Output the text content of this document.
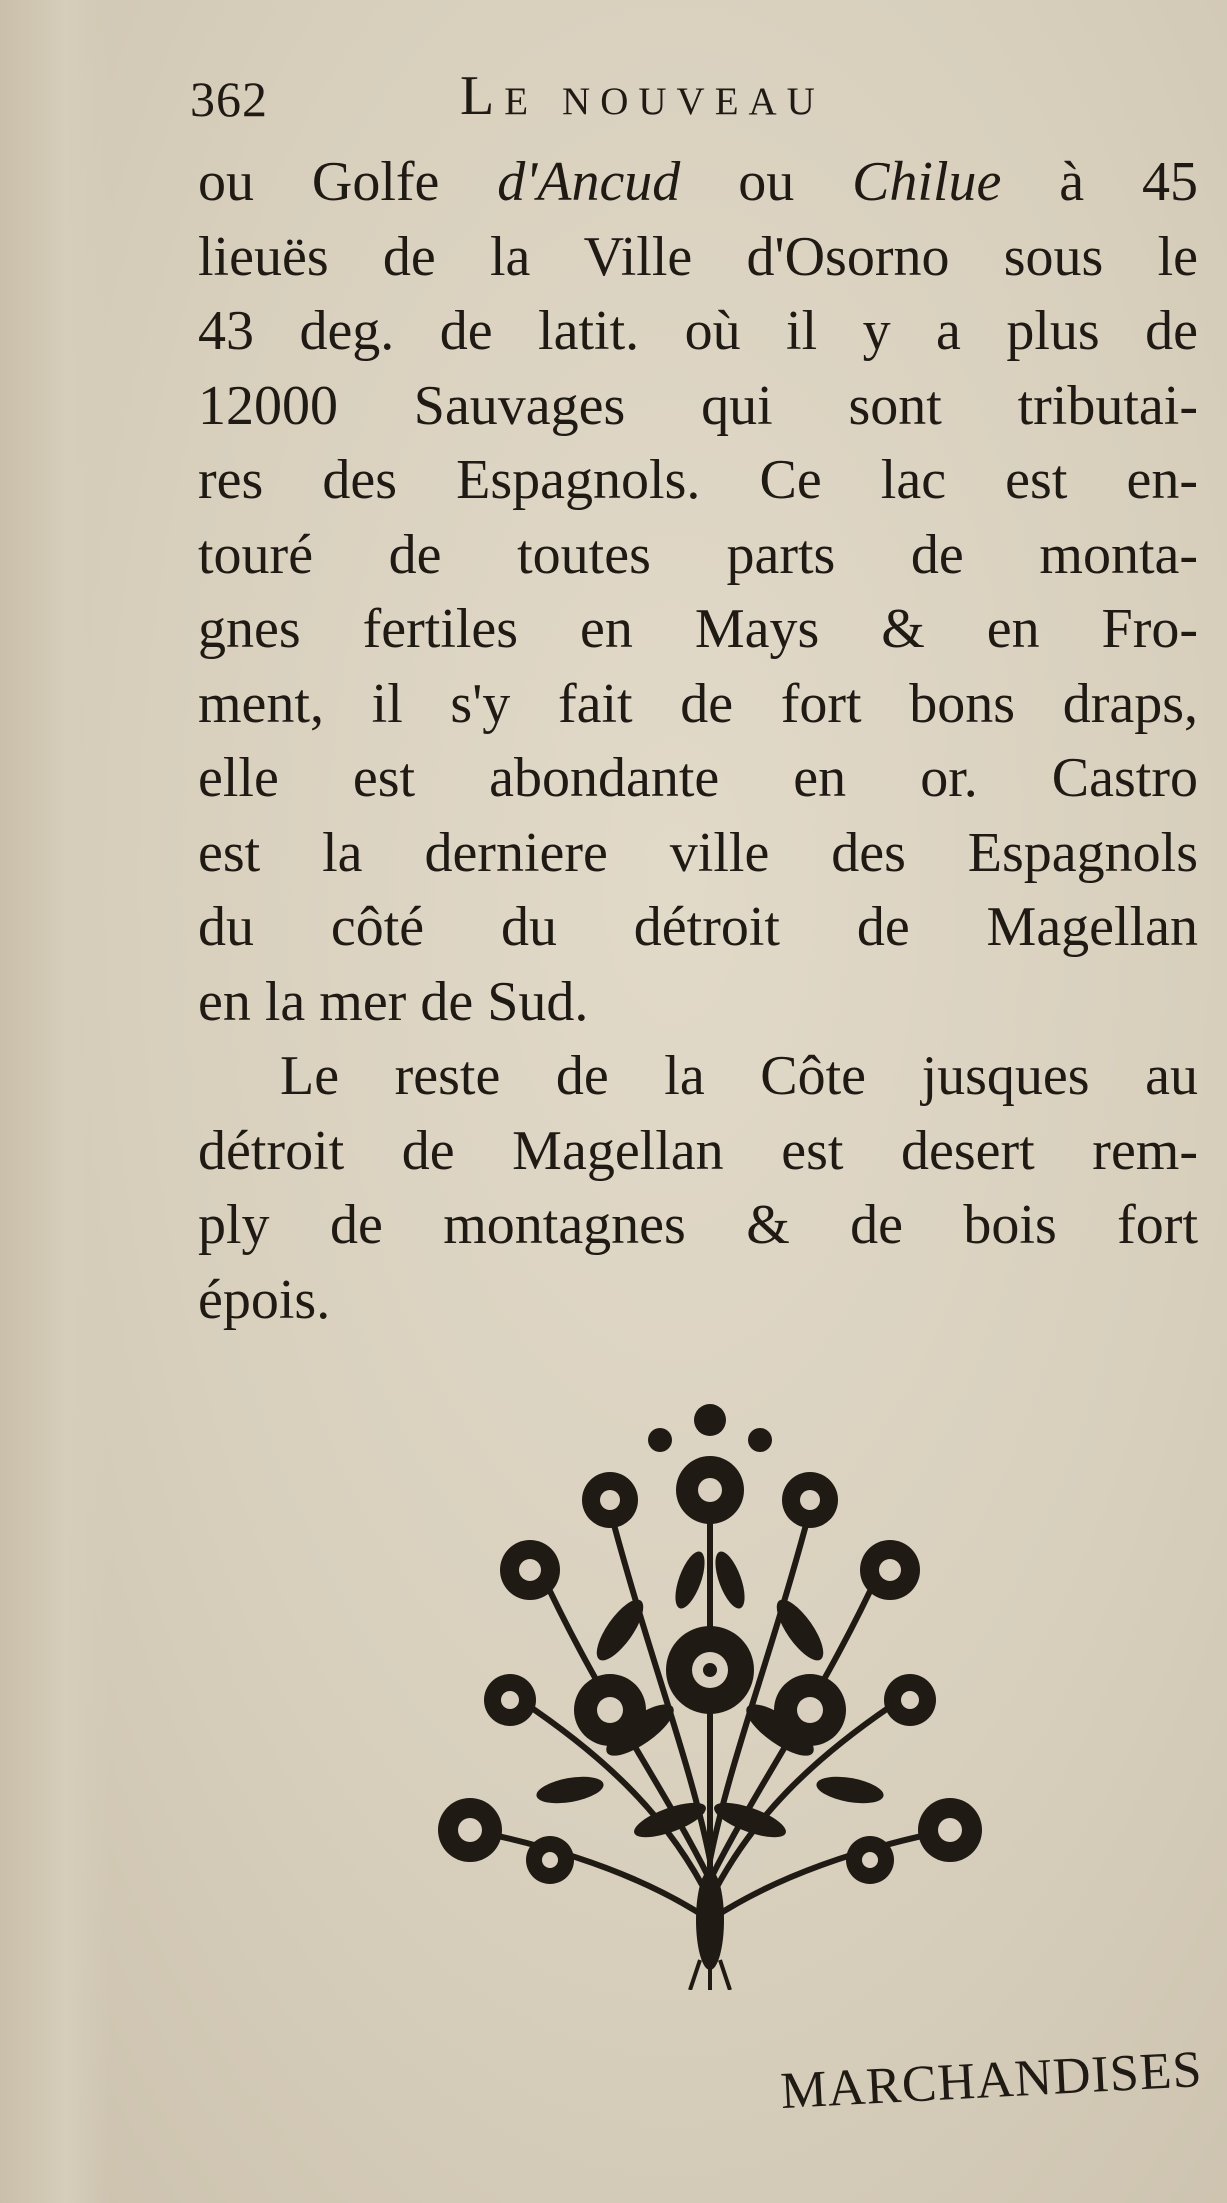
362	Le nouveau
ou Golfe d'Ancud ou Chilue à 45
lieuës de la Ville d'Osorno sous le
43 deg. de latit. où il y a plus de
12000 Sauvages qui sont tributai-
res des Espagnols. Ce lac est en-
touré de toutes parts de monta-
gnes fertiles en Mays & en Fro-
ment, il s'y fait de fort bons draps,
elle est abondante en or. Castro
est la derniere ville des Espagnols
du côté du détroit de Magellan
en la mer de Sud.
Le reste de la Côte jusques au
détroit de Magellan est desert rem-
ply de montagnes & de bois fort
épois.
MARCHANDISES
